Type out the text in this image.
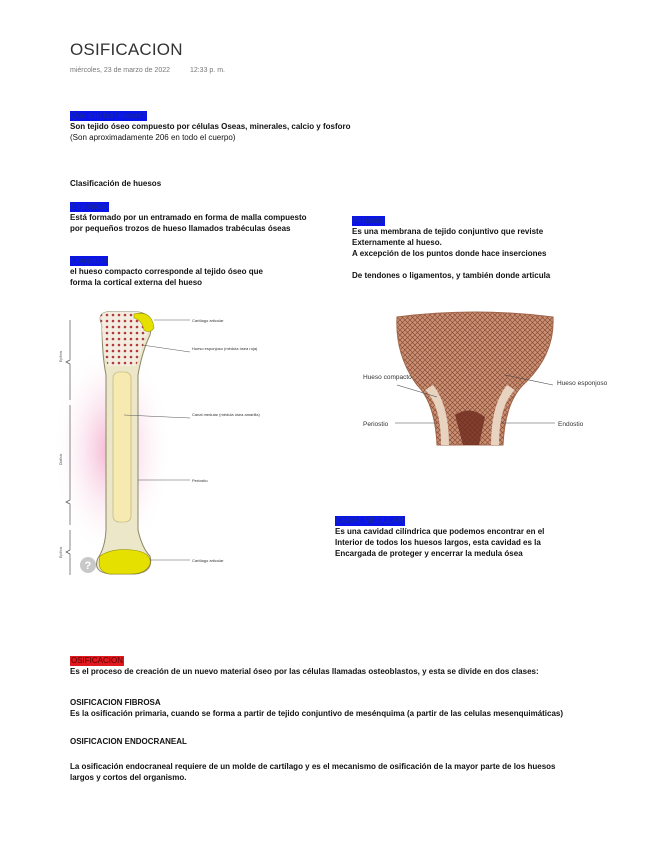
OSIFICACION
miércoles, 23 de marzo de 2022	12:33 p. m.
Que son los huesos?
Son tejido óseo compuesto por células Oseas, minerales, calcio y fosforo
(Son aproximadamente 206 en todo el cuerpo)
Clasificación de huesos
Esponjoso
Está formado por un entramado en forma de malla compuesto
por pequeños trozos de hueso llamados trabéculas óseas
Compacto
el hueso compacto corresponde al tejido óseo que
forma la cortical externa del hueso
Periostio
Es una membrana de tejido conjuntivo que reviste
Externamente al hueso.
A excepción de los puntos donde hace inserciones
De tendones o ligamentos, y también donde articula
Cartílago articular
Hueso esponjoso (médula ósea roja)
Canal medular (médula ósea amarilla)
Periostio
Cartílago articular
Epífisis
Diáfisis
Epífisis
?
Hueso compacto
Hueso esponjoso
Periostio	Endostio
CANAL MEDULAR
Es una cavidad cilíndrica que podemos encontrar en el
Interior de todos los huesos largos, esta cavidad es la
Encargada de proteger y encerrar la medula ósea
OSIFICACION
Es el proceso de creación de un nuevo material óseo por las células llamadas osteoblastos, y esta se divide en dos clases:
OSIFICACION FIBROSA
Es la osificación primaria, cuando se forma a partir de tejido conjuntivo de mesénquima (a partir de las celulas mesenquimáticas)
OSIFICACION ENDOCRANEAL
La osificación endocraneal requiere de un molde de cartílago y es el mecanismo de osificación de la mayor parte de los huesos
largos y cortos del organismo.
